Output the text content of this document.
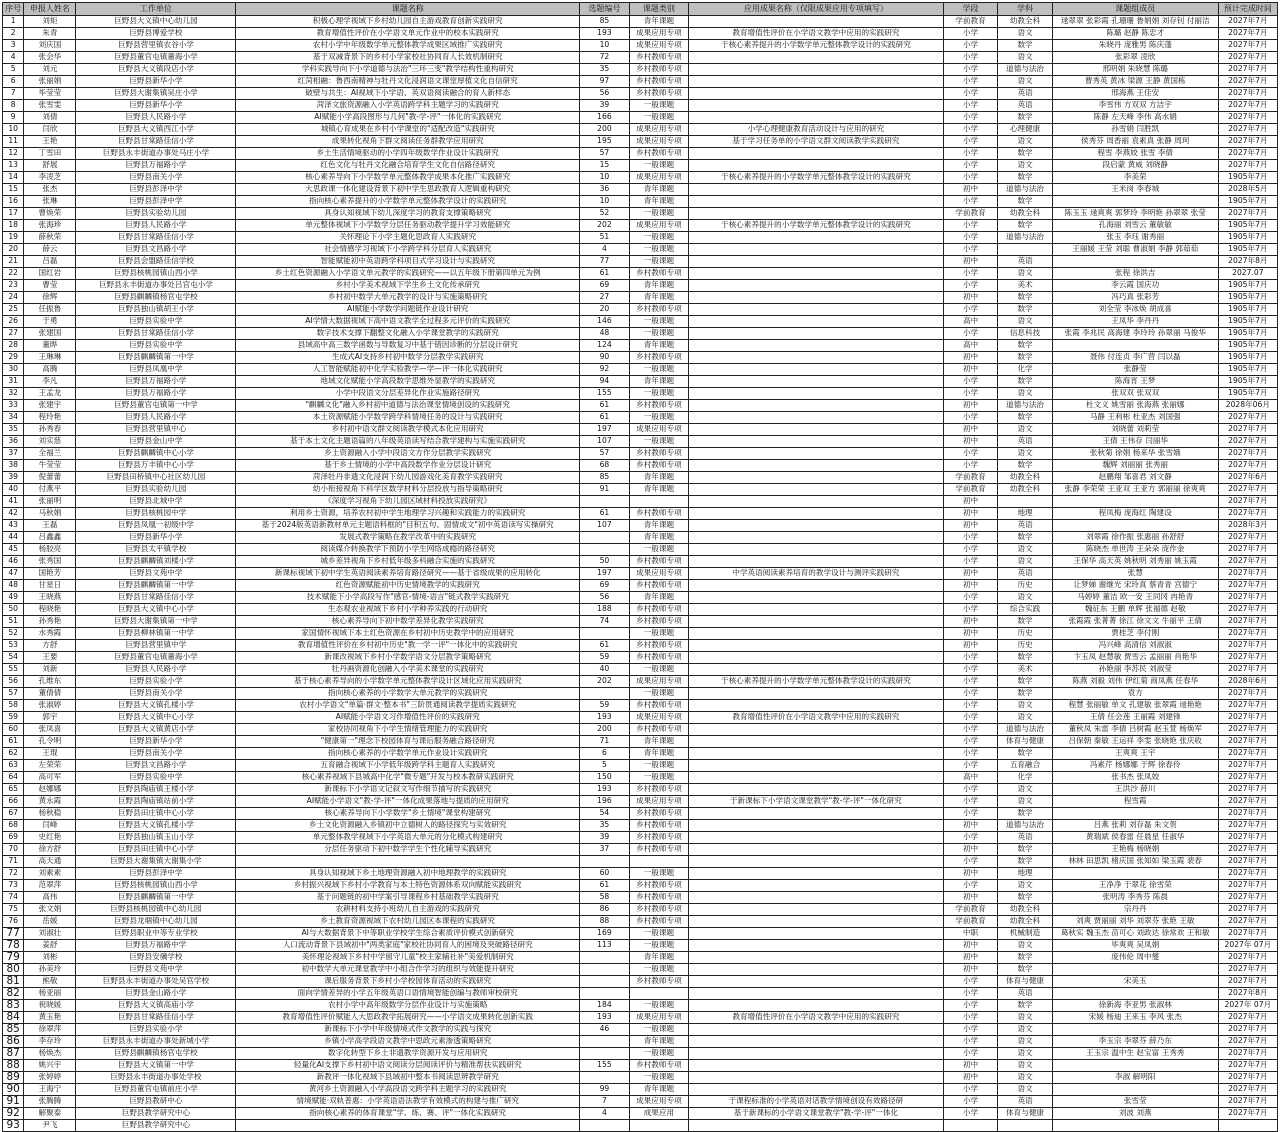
序号	申报人姓名	工作单位	课题名称	选题编号	课题类别	应用成果名称（仅限成果应用专项填写）	学段	学科	课题组成员	预计完成时间
1	刘矩	巨野县大义镇中心幼儿园	积极心理学视域下乡村幼儿园自主游戏教育创新实践研究	85	青年课题		学前教育	幼教全科	逯翠翠 张彩霞 孔珊珊 鲁娟娟 刘存钊 付丽洁	2027年7月
2	朱青	巨野县博爱学校	教育增值性评价在小学语文单元作业中的校本实践研究	193	成果应用专项	教育增值性评价在小学语文教学中应用的实践研究	小学	语文	陈璐 赵静 陈忠才	2027年7月
3	刘庆国	巨野县营里镇农谷小学	农村小学中年级数学单元整体教学成果区域推广实践研究	10	成果应用专项	于核心素养提升的小学数学单元整体教学设计的实践研究	小学	数学	朱晓丹 庞雅男 陈庆蓬	2027年7月
4	张会华	巨野县董官屯镇董海小学	基于双减背景下的乡村小学家校社协同育人长效机制研究	72	乡村教师专项		小学	语文	张彩翠 凌欣	2027年7月
5	刘元	巨野县大义镇段店小学	学科实践导向下小学道德与法治"三环三变"教学结构性重构研究	35	乡村教师专项		小学	道德与法治	邢明娟 朱晓慧 陈璐	2027年7月
6	张丽娟	巨野县新华小学	红菏相融：鲁西南精神与牡丹文化浸润语文课堂厚植文化自信研究	97	乡村教师专项		小学	语文	曹秀英 黄冰 梁源 王静 黄国栋	2027年7月
7	毕莹莹	巨野县大谢集镇吴庄小学	破壁与共生：AI视域下小学语、英双语阅读融合的育人新样态	56	乡村教师专项		小学	英语	邢海燕 王佳安	2027年7月
8	张雪雯	巨野县新华小学	菏泽文旅资源融入小学英语跨学科主题学习的实践研究	39	一般课题		小学	英语	李雪伟 方双双 方洁宇	2027年7月
9	刘倩	巨野县人民路小学	AI赋能小学高段图形与几何"教-学-评"一体化的实践研究	166	一般课题		小学	数学	陈静 左天峰 李伟 高水娟	2027年7月
10	闫欣	巨野县大义镇西江小学	城镇心育成果在乡村小学课堂的"适配改造"实践研究	200	成果应用专项	小学心理健康教育活动设计与应用的研究	小学	心理健康	孙雪娟 闫胜凯	2027年7月
11	王艳	巨野县甘棠路佳信小学	成果转化视角下群文阅读任务群教学应用研究	195	成果应用专项	基于学习任务单的小学语文群文阅读教学实践研究	小学	语文	侯秀芬 周香丽 袁素真 张静 周珂	2027年7月
12	丁雪田	巨野县永丰街道办事处马庄小学	乡土生活情境驱动的小学四年级数学作业设计实践研究	57	乡村教师专项		小学	数学	程雪 李燕姣 张雪 李倩	2027年7月
13	舒展	巨野县万福路小学	红色文化与牡丹文化融合培育学生文化自信路径研究	15	一般课题		小学	语文	段启蒙 黄威 刘晓静	2027年7月
14	李凌芝	巨野县南关小学	核心素养导向下小学数学单元整体教学成果本化推广实践研究	10	成果应用专项	于核心素养提升的小学数学单元整体教学设计的实践研究	小学	数学	李美荣	1905年7月
15	张杰	巨野县彭泽中学	大思政课一体化建设背景下初中学生思政教育人逻辑重构研究	36	青年课题		初中	道德与法治	王米岗 李春城	2028年5月
16	张琳	巨野县彭泽中学	指向核心素养提升的小学数学单元整体教学设计的实践研究	10	青年课题		小学	数学		1905年7月
17	曹焕荣	巨野县实验幼儿园	具身认知视域下幼儿深度学习的教育支撑策略研究	52	一般课题		学前教育	幼教全科	陈玉玉 逯爽爽 郭梦玲 李明艳 孙翠翠 张莹	2027年7月
18	张海珍	巨野县人民路小学	单元整体视域下小学数学分层任务驱动教学提升学习效能研究	202	成果应用专项	于核心素养提升的小学数学单元整体教学设计的实践研究	小学	数学	孔海丽 刘雪云 董敏敏	1905年7月
19	薛秋荣	巨野县甘棠路佳信小学	关怀理论下小学主题化思政育人实践研究	51	一般课题		小学	道德与法治	张玉 李珏 谢秀丽	1905年7月
20	薛云	巨野县文昌路小学	社会情感学习视域下小学跨学科分层育人实践研究	4	一般课题		小学		王丽媛 王莹 刘聪 曹淑娟 李静 郭茹茹	1905年7月
21	吕磊	巨野县会盟路佳信学校	智能赋能初中英语跨学科项目式学习设计与实践研究	77	一般课题		初中	英语		2027年8月
22	国红岩	巨野县核桃园镇山西小学	乡土红色资源融入小学语文单元教学的实践研究——以五年级下册第四单元为例	61	乡村教师专项		小学	语文	张程 徐洪吉	2027.07
23	曹莹	巨野县永丰街道办事处吕官屯小学	乡村小学美术视域下学生乡土文化传承研究	69	青年课题		小学	美术	李云霞 国庆功	1905年7月
24	徐辉	巨野县麒麟镇杨官屯学校	乡村初中数学大单元教学的设计与实施策略研究	27	青年课题		初中	数学	冯巧真 张彩芳	1905年7月
25	任振鲁	巨野县独山镇胡王小学	AI赋能小学数学问题链作业设计研究	20	乡村教师专项		小学	数学	刘全莹 李冰焕 胡成喜	1905年7月
26	于勇	巨野县实验中学	AI学情大数据视域下高中语文教学全过程多元评价的实践研究	146	一般课题		高中	语文	王凤华 李丹丹	1905年7月
27	张建国	巨野县甘棠路佳信小学	数字技术支撑下翻整文化融入小学课堂教学的实践研究	48	一般课题		小学	信息科技	张霞 李兆民 高海建 李玲玲 孙翠丽 马俊华	1905年7月
28	董晔	巨野县实验中学	县域高中高三数学函数与导数复习中基于错因诊断的分层设计研究	124	青年课题		高中	数学		1905年7月
29	王琳琳	巨野县麒麟镇第一中学	生成式AI支持乡村初中数学分层教学实践研究	90	乡村教师专项		初中	数学	聂伟 付连贞 李广营 闫以磊	1905年7月
30	高腾	巨野县凤凰中学	人工智能赋能初中化学实验教学—学—评一体化实践研究	92	一般课题		初中	化学	张静莹	1905年7月
31	李凡	巨野县万福路小学	地域文化赋能小学高段数学思维外显教学的实践研究	94	青年课题		小学	数学	陈海宵 王梦	1905年7月
32	王孟龙	巨野县万福路小学	小学中段语文分层差异化作业实施路径研究	155	一般课题		小学	语文	张双双 张双双	1905年7月
33	张建宇	巨野县董官屯镇第一中学	"麒麟文化"融入乡村初中道德与法治课堂情境创设的实践研究	61	乡村教师专项		初中	道德与法治	杜文义 姚雪丽 张海燕 张丽娜	2028年06月
34	程玲艳	巨野县人民路小学	本土资源赋能小学数学跨学科情境任务的设计与实践研究	61	一般课题		小学	数学	马静 王利彬 杜亚杰 刘国强	2027年7月
35	孙秀春	巨野县营里镇中心	乡村初中语文群文阅读教学模式本化应用研究	197	成果应用专项		初中	语文	刘晓蕾 刘莉莹	2027年7月
36	刘实慈	巨野县金山中学	基于本土文化主题语篇的八年级英语读写结合教学建构与实施实践研究	107	一般课题		初中	英语	王倩 王伟存 闫丽华	2027年7月
37	全福兰	巨野县麒麟镇中心小学	乡土资源融入小学中段语文方作分层教学实践研究	57	乡村教师专项		小学	语文	张秋菊 徐娟 杨来华 张雪娥	2027年7月
38	牛莹莹	巨野县万丰镇中心小学	基于乡土情境的小学中高段数学作业分层设计研究	68	乡村教师专项		小学	数学	魏辉 刘丽丽 张秀丽	2027年7月
39	倪蕾蕾	巨野县田桥镇中心社区幼儿园	菏泽牡丹非遗文化浸润下幼儿园游戏化美育教学实践研究	85	青年课题		学前教育	幼教全科	赵鹏翔 邹喜君 刘文静	2027年6月
40	付燕平	巨野县实验幼儿园	幼小衔接视角下科学区数学材料分层投放与指导策略研究	91	青年课题		学前教育	幼教全科	张静 李荣荣 王亚双 王亚方 郭丽丽 徐爽爽	2027年7月
41	张丽明	巨野县北城中学	《深度学习视角下幼儿园区域材料投放实践研究》				初中			2027年7月
42	马秋娟	巨野县核桃园中学	利用乡土资源，培养农村初中学生地理学习兴趣和实践能力的实践研究	61	乡村教师专项		初中	地理	程凤梅 庞海红 陶建设	2027年7月
43	王磊	巨野县凤凰一初级中学	基于2024版英语新教材单元主题语料框的"目积五句、固情成文"初中英语读写实操研究	107	青年课题		初中	英语		2028年3月
44	吕鑫鑫	巨野县新华小学	发展式教学策略在教学改革中的实践研究		青年课题		小学	数学	刘翠霞 徐作振 张惠丽 孙舒舒	2027年7月
45	杨胶亮	巨野县太平镇学校	阅读媒介转换教学下预防小学生网络成瘾的路径研究		一般课题		小学	语文	陈晓杰 单世涛 王朵朵 庞作金	2027年7月
46	张秀国	巨野县麒麟镇刘楼小学	城乡差异视角下乡村低年级多科融合实施的实践研究	50	乡村教师专项		小学	语文	王保华 高天英 姚秋明 刘秀丽 姚玉霞	2027年7月
47	国艳芳	巨野县文苑中学	新课标视域下初中学生英语阅读素养培育路径研究——基于省级成果的应用转化	197	成果应用专项	中学英语阅读素养培育的教学设计与测评实践研究	初中	英语	张慧	2027年7月
48	甘星日	巨野县麒麟镇第一中学	红色资源赋能初中历史情境教学的实践研究	69	乡村教师专项		初中	历史	让梦娣 谢继光 宋玲真 蔡青青 宫德宁	2027年7月
49	王晓燕	巨野县甘棠路佳信小学	技术赋能下小学高段写作"感官-情境-语言"链式教学实践研究	56	青年课题		小学	语文	马婷婷 董洁 欧一安 王同冈 冉艳青	2027年7月
50	程晓艳	巨野县大义镇中心小学	生态观农业视域下乡村小学种养实践的行动研究	188	乡村教师专项		小学	综合实践	魏征东 王鹏 单辉 张福德 赵敬	2027年7月
51	孙秀艳	巨野县大谢集镇第一中学	核心素养导向下初中数学差异化教学实践研究	74	乡村教师专项		初中	数学	张霞霞 张菁菁 徐江 徐文文 牛丽平 王倩	2027年7月
52	水秀霞	巨野县柳林镇第一中学	家国情怀视域下本土红色资源在乡村初中历史教学中的应用研究		一般课题		初中	历史	贾桂芝 李付刚	2027年7月
53	方舒	巨野县营里镇中学	教育增值性评价在乡村初中历史"教一学一评"一体化中的实践研究	61	乡村教师专项		初中	历史	冯兴峰 高清信 刘淑淑	2027年7月
54	王要	巨野县董官屯镇董海小学	新课改视域下乡村小学数学语文分层教学策略研究	59	乡村教师专项		小学	数学	卞玉凤 赵慧敏 贾雪云 孟丽丽 肖艳华	2027年7月
55	刘新	巨野县人民路小学	牡丹画资源化创融入小学美术课堂的实践研究	40	一般课题		小学	美术	孙艳丽 李苏民 刘淑莹	2027年7月
56	孔维东	巨野县实验小学	基于核心素养导向的小学数学单元整体教学设计区域化应用实践研究	202	成果应用专项	于核心素养提升的小学数学单元整体教学设计的实践研究	小学	数学	陈燕 刘毅 刘伟 伊红菊 商凤燕 任春华	2028年6月
57	董倩倩	巨野县南关小学	指向核心素养的小学数学大单元教学的实践研究		一般课题		小学	数学	袁方	2027年7月
58	张淑婷	巨野县大义镇孔楼小学	农村小学语文"单篇·群文·整本书"三阶贯通阅读教学提质实践研究	59	乡村教师专项		小学	语文	程慧 张丽敏 单文 孔建敏 张翠霞 逯艳艳	2027年7月
59	郭宇	巨野县大义镇中心小学	AI赋能小学语文习作增值性评价的实践研究	193	成果应用专项	教育增值性评价在小学语文教学中应用的实践研究	小学	语文	王倩 任会莲 王丽霞 刘建锋	2027年7月
60	张凤喜	巨野县大义镇黄店小学	家校协同视角下小学生情绪管理能力的实践研究	200	乡村教师专项		小学	道德与法治	董秋凤 朱雷 李倩 吕树霞 赵玉萱 杨焕军	2027年7月
61	孔令明	巨野县新华小学	"健康第一"理念下校园体育与课后服务融合路径研究	71	青年课题		小学	体育与健康	吕保朝 秦敏 王运祥 李雯 张晓艳 张庆收	2027年7月
62	王琨	巨野县南关小学	指向核心素养的小学数学单元作业设计实践研究	6	青年课题		小学	数学	王爽爽 王宇	2027年7月
63	左荣荣	巨野县文昌路小学	五育融合视域下小学低年级跨学科主题育人实践研究	5	一般课题		小学	五育融合	冯素芹 杨娜娜 于辉 徐春伶	2027年7月
64	高可军	巨野县实验中学	核心素养视域下县城高中化学"微专题"开发与校本教研实践研究	150	一般课题		高中	化学	张书杰 张凤姣	2027年7月
65	赵娜娜	巨野县陶庙镇王楼小学	新课标下小学语文记叙文写作细节描写的实践研究	193	乡村教师专项		小学	语文	王洪沙 薛川	2027年7月
66	黄永霞	巨野县陶庙镇站前小学	AI赋能小学语文"教-学-评"一体化成果落地与提质的应用研究	196	成果应用专项	于新课标下小学语文课堂教学"教-学-评"一体化研究	小学	语文	程雪霞	2027年7月
67	杨秋稳	巨野县田庄镇中心小学	核心素养导向下小学数学"乡土情境"课堂构建研究	54	乡村教师专项		小学	数学		2027年7月
68	闫峰	巨野县大义镇孔楼小学	乡土文化资源融入乡镇初中立德树人的路径探究与实效研究	35	乡村教师专项		初中	道德与法治	吕燕 张莉 刘存磊 朱文贺	2027年7月
69	史红艳	巨野县独山镇玉山小学	单元整体教学视域下小学英语大单元的分化模式构建研究	39	乡村教师专项		小学	英语	黄瑞斌 侯春雷 任晨星 任淑华	2027年7月
70	徐方舒	巨野县田庄镇中心小学	分层任务驱动下初中数学学生个性化辅导实践研究	37	乡村教师专项		初中	数学	王艳梅 杨晓娟	2027年7月
71	高天通	巨野县大谢集镇大谢集小学					小学	数学	林林 田思凯 楮庆国 张知如 梁玉霞 裴春	2027年7月
72	刘素素	巨野县彭泽中学	具身认知视域下乡土地理资源融入初中地理教学的实践研究	60	一般课题		初中	地理		2027年7月
73	范翠萍	巨野县核桃园镇山西小学	乡村振兴视域下乡村小学教育与本土特色资源体系双向赋能实践研究	61	乡村教师专项		小学	语文	王净净 于翠花 徐雪荣	2027年7月
74	高伟	巨野县麒麟镇第一中学	基于问题链的初中学案引导课程乡村基础教学实践研究	58	乡村教师专项		初中	数学	张明涛 李秀芬 陈晨	2027年7月
75	张文娟	巨野县核桃园镇中心幼儿园	农耕材料支持小班幼儿自主游戏的实践研究	86	乡村教师专项		学前教育	幼教全科	宗丹丹	2027年7月
76	岳媛	巨野县龙堌镇中心幼儿园	乡土教育资源视域下农村幼儿园区本课程的实践研究	88	乡村教师专项		学前教育	幼教全科	刘爽 贾丽丽 刘华 刘翠芬 张艳 王敏	2027年7月
77	刘淑壮	巨野县职业中等专业学校	AI与大数据背景下中等职业学校学生综合素质评价模式创新研究	169	一般课题		中职	机械制造	葛秋实 魏玉杰 苗可心 刘政达 徐常欢 王和敏	2027年7月
78	姜舒	巨野县万福路中学	人口流动背景下县域初中"两类家庭"家校社协同育人的困境及突破路径研究	113	一般课题		初中	语文	毕爽爽 吴凤娟	2027年 07月
79	刘彬	巨野县安骥学校	美怀理论视域下乡村中学留守儿童"校主家辅社补"美爱机制研究		青年课题		初中	数学	庞伟伦 周中燮	2027年7月
80	孙美玲	巨野县文苑中学	初中数学大单元课堂教学中小组合作学习的组织与效能提升研究		一般课题		初中	数学		2027年7月
81	熊敬	巨野县永丰街道办事处吴官学校	课后服务背景下乡村小学校园体育活动的实践研究		乡村教师专项		小学	体育与健康	宋美玉	2027年7月
82	杨亚丽	巨野县金山路小学	面向学情差异的小学五年级英语口语情境智能创编与教师审校研究				小学	英语		2027年8月
83	祝晓媛	巨野县大义镇高庙小学	农村小学中高年级数学分层作业设计与实施策略	184	一般课题		小学	数学	徐新海 李亚男 张淑林	2027年 07月
84	黄玉艳	巨野县甘棠路佳信小学	教育增值性评价赋能人大思政教学拓展研究——小学语文成果转化创新实践	193	成果应用专项	教育增值性评价在小学语文教学中应用的实践研究	小学	语文	宋媛 杨迪 王来玉 李风 张杰	2027年7月
85	徐翠萍	巨野县实验小学	新课标下小学中年级情境式作文教学的实践与探究	46	一般课题		小学	语文		2027年7月
86	李存玲	巨野县永丰街道办事处新城小学	乡镇小学高学段语文教学中思政元素渗透策略研究		青年课题		小学	语文	李玉宗 李翠芬 薛乃东	2027年7月
87	杨焕杰	巨野县麒麟镇杨官屯学校	数字化转型下乡土非遗教学资源开发与应用研究		一般课题		小学	语文	王玉宗 温中生 赵宝富 王秀秀	2027年7月
88	姚兴宇	巨野县大义镇第一中学	轻量化AI支撑下乡村初中语文阅读分层阅读评价与精准帮扶实践研究	155	乡村教师专项		初中	语文		2027年7月
89	张婷婷	巨野县永丰街道办事处学校	新教评一体化视域下县域初中整本书阅读思辨教学研究		一般课题		初中	语文	李淑 解明阳	2027年7月
90	王海宁	巨野县董官屯镇前庄小学	黄河乡土资源融入小学高段语文跨学科主题学习的实践研究	99	青年课题		小学	语文		2027年7月
91	张腾腾	巨野县教研中心	情境赋能·双轨普惠：小学英语语法教学有效模式的构建与推广研究	7	成果应用专项	于课程标准的小学英语对话教学情境创设有效路径研	小学	英语	张雪莹	2027年7月
92	解聚泰	巨野县教学研究中心	指向核心素养的体育课堂"学、练、赛、评"一体化实践研究	4	成果应用	基于新课标的小学语文课堂教学"教-学-评"一体化	小学	体育与健康	刘波 刘燕	2027年7月
93	尹飞	巨野县教学研究中心								
